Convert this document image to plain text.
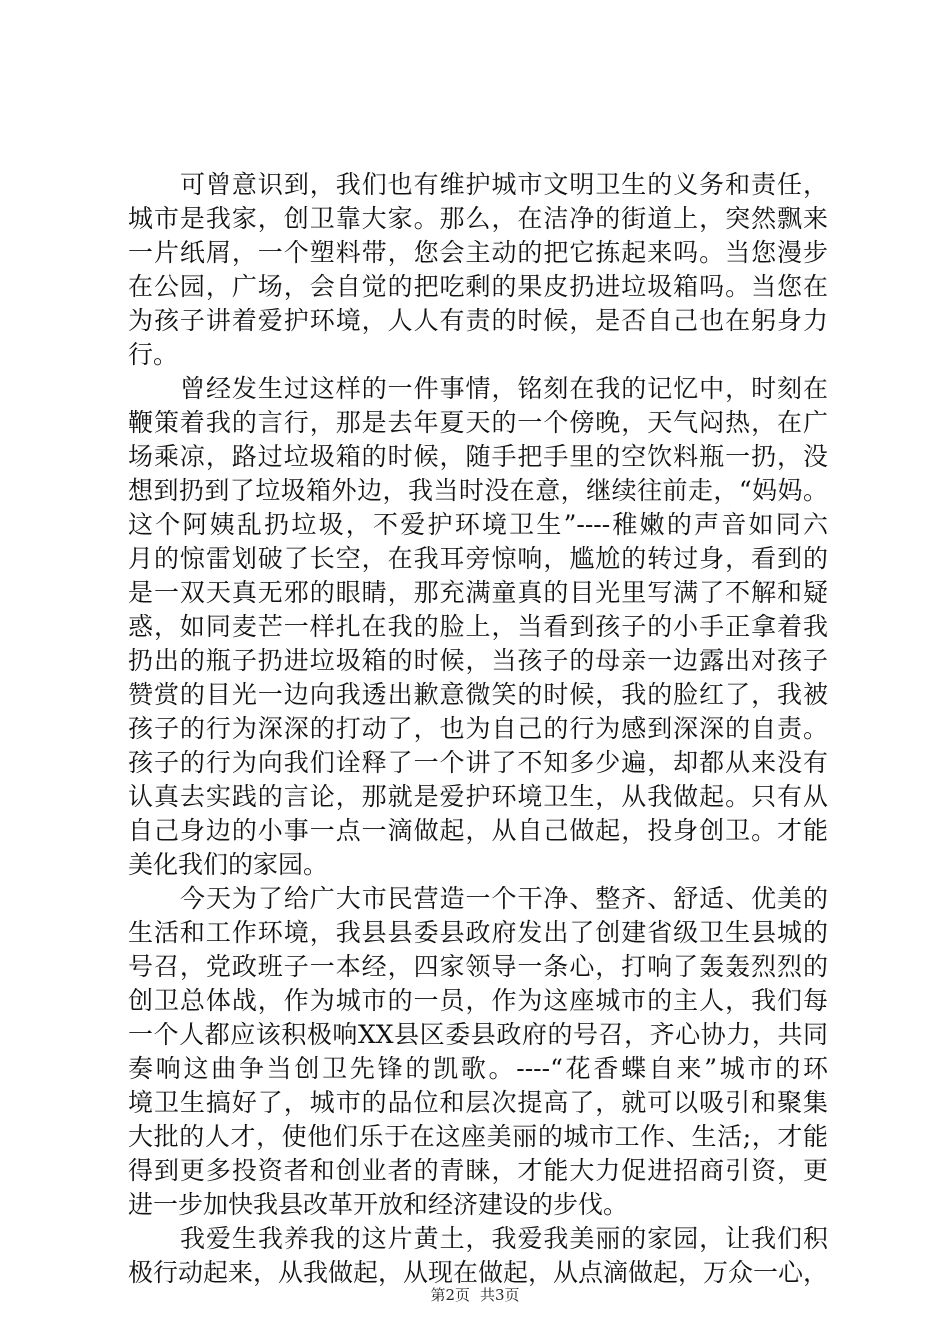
可曾意识到，我们也有维护城市文明卫生的义务和责任，
城市是我家，创卫靠大家。那么，在洁净的街道上，突然飘来
一片纸屑，一个塑料带，您会主动的把它拣起来吗。当您漫步
在公园，广场，会自觉的把吃剩的果皮扔进垃圾箱吗。当您在
为孩子讲着爱护环境，人人有责的时候，是否自己也在躬身力
行。
曾经发生过这样的一件事情，铭刻在我的记忆中，时刻在
鞭策着我的言行，那是去年夏天的一个傍晚，天气闷热，在广
场乘凉，路过垃圾箱的时候，随手把手里的空饮料瓶一扔，没
想到扔到了垃圾箱外边，我当时没在意，继续往前走，“妈妈。
这个阿姨乱扔垃圾，不爱护环境卫生”----稚嫩的声音如同六
月的惊雷划破了长空，在我耳旁惊响，尴尬的转过身，看到的
是一双天真无邪的眼睛，那充满童真的目光里写满了不解和疑
惑，如同麦芒一样扎在我的脸上，当看到孩子的小手正拿着我
扔出的瓶子扔进垃圾箱的时候，当孩子的母亲一边露出对孩子
赞赏的目光一边向我透出歉意微笑的时候，我的脸红了，我被
孩子的行为深深的打动了，也为自己的行为感到深深的自责。
孩子的行为向我们诠释了一个讲了不知多少遍，却都从来没有
认真去实践的言论，那就是爱护环境卫生，从我做起。只有从
自己身边的小事一点一滴做起，从自己做起，投身创卫。才能
美化我们的家园。
今天为了给广大市民营造一个干净、整齐、舒适、优美的
生活和工作环境，我县县委县政府发出了创建省级卫生县城的
号召，党政班子一本经，四家领导一条心，打响了轰轰烈烈的
创卫总体战，作为城市的一员，作为这座城市的主人，我们每
一个人都应该积极响XX县区委县政府的号召，齐心协力，共同
奏响这曲争当创卫先锋的凯歌。----“花香蝶自来”城市的环
境卫生搞好了，城市的品位和层次提高了，就可以吸引和聚集
大批的人才，使他们乐于在这座美丽的城市工作、生活;，才能
得到更多投资者和创业者的青睐，才能大力促进招商引资，更
进一步加快我县改革开放和经济建设的步伐。
我爱生我养我的这片黄土，我爱我美丽的家园，让我们积
极行动起来，从我做起，从现在做起，从点滴做起，万众一心，
第2页 共3页
